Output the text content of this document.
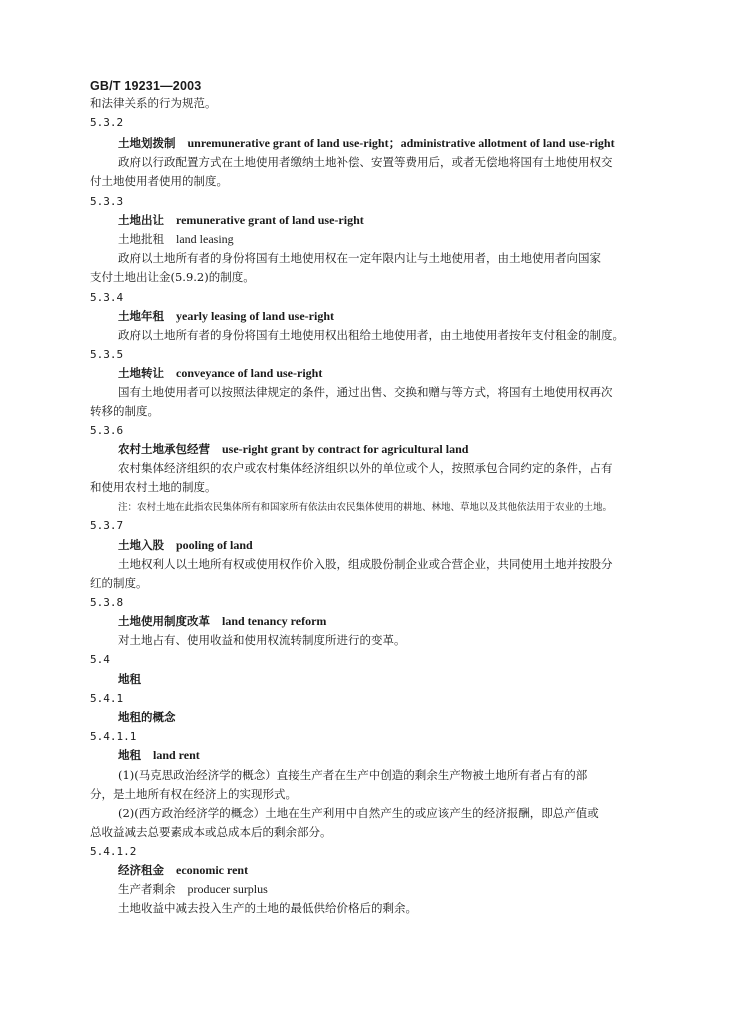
GB/T 19231—2003
和法律关系的行为规范。
5.3.2
土地划拨制 unremunerative grant of land use-right；administrative allotment of land use-right
政府以行政配置方式在土地使用者缴纳土地补偿、安置等费用后，或者无偿地将国有土地使用权交
付土地使用者使用的制度。
5.3.3
土地出让 remunerative grant of land use-right
土地批租 land leasing
政府以土地所有者的身份将国有土地使用权在一定年限内让与土地使用者，由土地使用者向国家
支付土地出让金(5.9.2)的制度。
5.3.4
土地年租 yearly leasing of land use-right
政府以土地所有者的身份将国有土地使用权出租给土地使用者，由土地使用者按年支付租金的制度。
5.3.5
土地转让 conveyance of land use-right
国有土地使用者可以按照法律规定的条件，通过出售、交换和赠与等方式，将国有土地使用权再次
转移的制度。
5.3.6
农村土地承包经营 use-right grant by contract for agricultural land
农村集体经济组织的农户或农村集体经济组织以外的单位或个人，按照承包合同约定的条件，占有
和使用农村土地的制度。
注：农村土地在此指农民集体所有和国家所有依法由农民集体使用的耕地、林地、草地以及其他依法用于农业的土地。
5.3.7
土地入股 pooling of land
土地权利人以土地所有权或使用权作价入股，组成股份制企业或合营企业，共同使用土地并按股分
红的制度。
5.3.8
土地使用制度改革 land tenancy reform
对土地占有、使用收益和使用权流转制度所进行的变革。
5.4
地租
5.4.1
地租的概念
5.4.1.1
地租 land rent
(1)(马克思政治经济学的概念）直接生产者在生产中创造的剩余生产物被土地所有者占有的部
分，是土地所有权在经济上的实现形式。
(2)(西方政治经济学的概念）土地在生产利用中自然产生的或应该产生的经济报酬，即总产值或
总收益减去总要素成本或总成本后的剩余部分。
5.4.1.2
经济租金 economic rent
生产者剩余 producer surplus
土地收益中减去投入生产的土地的最低供给价格后的剩余。
